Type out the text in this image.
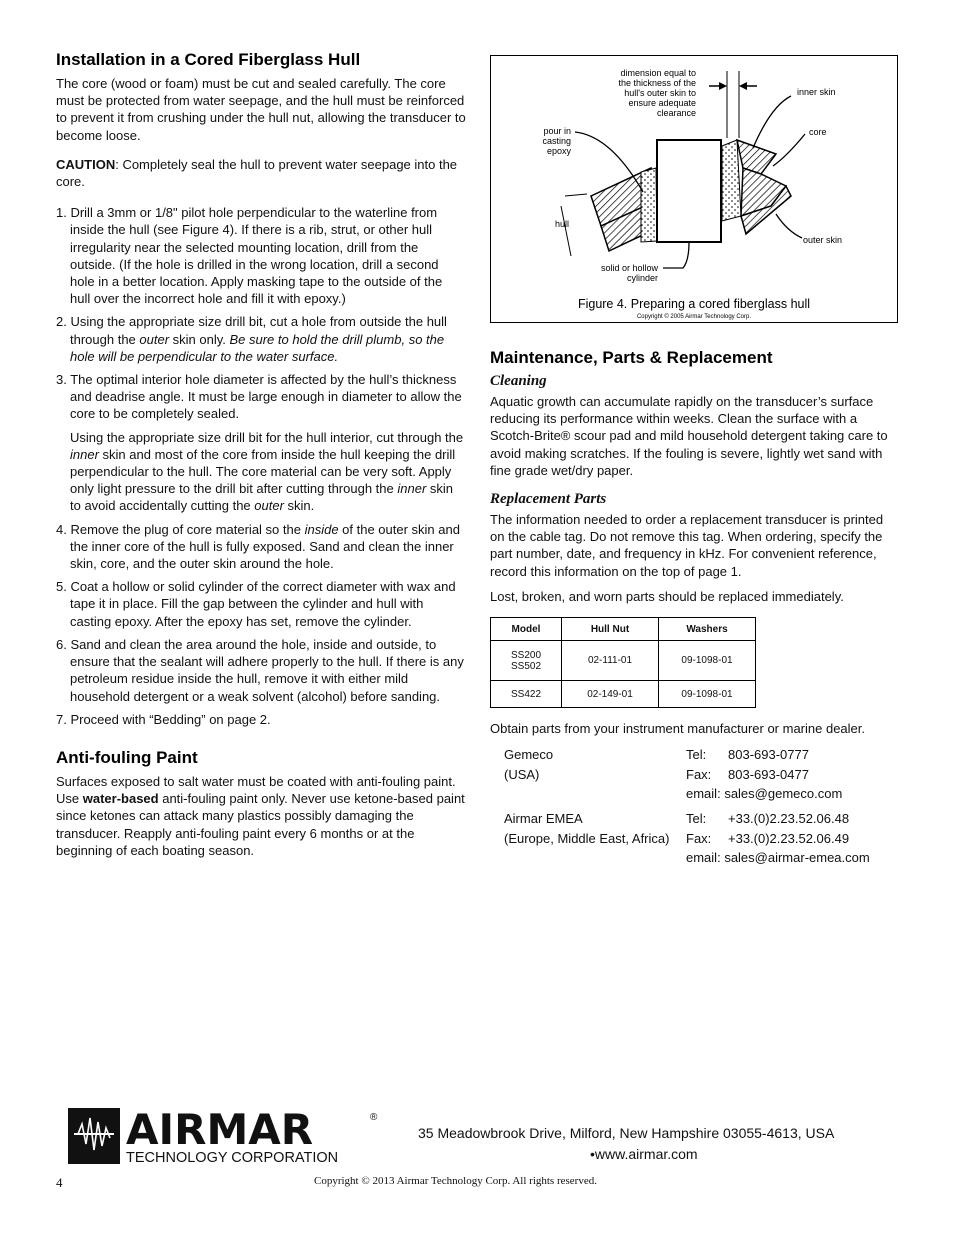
Installation in a Cored Fiberglass Hull

The core (wood or foam) must be cut and sealed carefully. The core must be protected from water seepage, and the hull must be reinforced to prevent it from crushing under the hull nut, allowing the transducer to become loose.

CAUTION: Completely seal the hull to prevent water seepage into the core.

1. Drill a 3mm or 1/8" pilot hole perpendicular to the waterline from inside the hull (see Figure 4). If there is a rib, strut, or other hull irregularity near the selected mounting location, drill from the outside. (If the hole is drilled in the wrong location, drill a second hole in a better location. Apply masking tape to the outside of the hull over the incorrect hole and fill it with epoxy.)
2. Using the appropriate size drill bit, cut a hole from outside the hull through the outer skin only. Be sure to hold the drill plumb, so the hole will be perpendicular to the water surface.
3. The optimal interior hole diameter is affected by the hull’s thickness and deadrise angle. It must be large enough in diameter to allow the core to be completely sealed.
Using the appropriate size drill bit for the hull interior, cut through the inner skin and most of the core from inside the hull keeping the drill perpendicular to the hull. The core material can be very soft. Apply only light pressure to the drill bit after cutting through the inner skin to avoid accidentally cutting the outer skin.
4. Remove the plug of core material so the inside of the outer skin and the inner core of the hull is fully exposed. Sand and clean the inner skin, core, and the outer skin around the hole.
5. Coat a hollow or solid cylinder of the correct diameter with wax and tape it in place. Fill the gap between the cylinder and hull with casting epoxy. After the epoxy has set, remove the cylinder.
6. Sand and clean the area around the hole, inside and outside, to ensure that the sealant will adhere properly to the hull. If there is any petroleum residue inside the hull, remove it with either mild household detergent or a weak solvent (alcohol) before sanding.
7. Proceed with “Bedding” on page 2.
Anti-fouling Paint

Surfaces exposed to salt water must be coated with anti-fouling paint. Use water-based anti-fouling paint only. Never use ketone-based paint since ketones can attack many plastics possibly damaging the transducer. Reapply anti-fouling paint every 6 months or at the beginning of each boating season.

dimension equal to
the thickness of the
hull's outer skin to
ensure adequate
clearance
pour in
casting
epoxy
hull
solid or hollow
cylinder
inner skin
core
outer skin
Figure 4. Preparing a cored fiberglass hull
Copyright © 2005 Airmar Technology Corp.
Maintenance, Parts & Replacement
Cleaning

Aquatic growth can accumulate rapidly on the transducer’s surface reducing its performance within weeks. Clean the surface with a Scotch-Brite® scour pad and mild household detergent taking care to avoid making scratches. If the fouling is severe, lightly wet sand with fine grade wet/dry paper.

Replacement Parts

The information needed to order a replacement transducer is printed on the cable tag. Do not remove this tag. When ordering, specify the part number, date, and frequency in kHz. For convenient reference, record this information on the top of page 1.

Lost, broken, and worn parts should be replaced immediately.

Model	Hull Nut	Washers
SS200
SS502	02-111-01	09-1098-01
SS422	02-149-01	09-1098-01

Obtain parts from your instrument manufacturer or marine dealer.

Gemeco
(USA)
Tel: 803-693-0777
Fax: 803-693-0477
email: sales@gemeco.com
Airmar EMEA
(Europe, Middle East, Africa)
Tel: +33.(0)2.23.52.06.48
Fax: +33.(0)2.23.52.06.49
email: sales@airmar-emea.com
AIRMAR	®
TECHNOLOGY CORPORATION
35 Meadowbrook Drive, Milford, New Hampshire 03055-4613, USA
•www.airmar.com
4	Copyright © 2013 Airmar Technology Corp. All rights reserved.
